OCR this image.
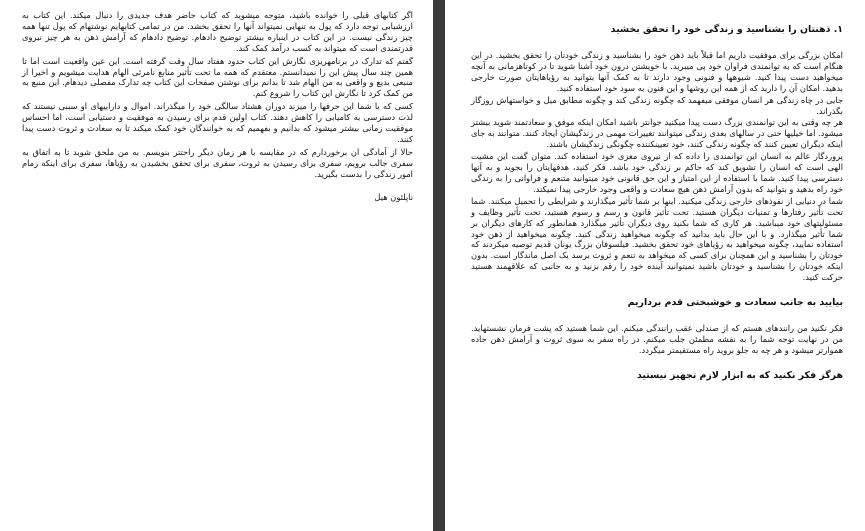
اگر کتابهای قبلی را خوانده باشید، متوجه میشوید که کتاب حاضر هدف جدیدی را دنبال میکند. این کتاب به ارزشیابی توجه دارد که پول به تنهایی نمیتواند آنها را تحقق بخشد. من در تمامی کتابهایم نوشتهام که پول تنها همه چیز زندگی نیست. در این کتاب در اینباره بیشتر توضیح دادهام. توضیح دادهام که آرامش ذهن به هر چیز نیروی قدرتمندی است که میتواند به کسب درآمد کمک کند.

گفتم که تدارک در برنامهریزی نگارش این کتاب حدود هفتاد سال وقت گرفته است. این عین واقعیت است اما تا همین چند سال پیش این را نمیدانستم. معتقدم که همه ما تحت تأثیر منابع نامرئی الهام هدایت میشویم و اخیرا از منبعی بدیع و واقعی به من الهام شد تا بدانم برای نوشتن صفحات این کتاب چه تدارک مفصلی دیدهام. این منبع به من کمک کرد تا نگارش این کتاب را شروع کنم.

کسی که با شما این حرفها را میزند دوران هشتاد سالگی خود را میگذراند. اموال و داراییهای او سببی نیستند که لذت دسترسی به کامیابی را کاهش دهند. کتاب اولین قدم برای رسیدن به موفقیت و دستیابی است، اما احساس موفقیت زمانی بیشتر میشود که بدانیم و بفهمیم که به خوانندگان خود کمک میکند تا به سعادت و ثروت دست پیدا کنند.

حالا از آمادگی ان برخوردارم که در مقایسه با هر زمان دیگر راحتتر بنویسم. به من ملحق شوید تا به اتفاق به سفری جالب برویم، سفری برای رسیدن به ثروت، سفری برای تحقق بخشیدن به رؤیاها، سفری برای اینکه زمام امور زندگی را بدست بگیرید.

ناپلئون هیل
۱. ذهنتان را بشناسید و زندگی خود را تحقق بخشید

امکان بزرگی برای موفقیت داریم اما قبلاً باید ذهن خود را بشناسید و زندگی خودتان را تحقق بخشید. در این هنگام است که به توانمندی فراوان خود پی میبرید. با خویشتن درون خود آشنا شوید تا در کوتاهزمانی به آنچه میخواهید دست پیدا کنید. شیوهها و فنونی وجود دارند تا به کمک آنها بتوانید به رؤیاهایتان صورت خارجی بدهید. امکان آن را دارید که از همه این روشها و این فنون به سود خود استفاده کنید.

جایی در چاه زندگی هر انسان موفقی میفهمد که چگونه زندگی کند و چگونه مطابق میل و خواستهاش روزگار بگذراند.

هر چه وقتی به این توانمندی بزرگ دست پیدا میکنید جوانتر باشید امکان اینکه موفق و سعادتمند شوید بیشتر میشود. اما خیلیها حتی در سالهای بعدی زندگی میتوانند تغییرات مهمی در زندگیشان ایجاد کنند. متوانند به جای اینکه دیگران تعیین کنند که چگونه زندگی کنند، خود تعیینکننده چگونگی زندگیشان باشند.

پروردگار عالم به انسان این توانمندی را داده که از نیروی مغزی خود استفاده کند. متوان گفت این مشیت الهی است که انسان را تشویق کند که حاکم بر زندگی خود باشد. فکر کنید، هدفهایتان را بجوید و به آنها دسترسی پیدا کنید. شما با استفاده از این امتیاز و این حق قانونی خود میتوانید متنعم و فراوانی را به زندگی خود راه بدهید و بتوانید که بدون آرامش ذهن هیچ سعادت و واقعی وجود خارجی پیدا نمیکند.

شما در دنیایی از نفوذهای خارجی زندگی میکنید. اینها بر شما تأثیر میگذارند و شرایطی را تحمیل میکنند. شما تحت تأثیر رفتارها و تمنیات دیگران هستید. تحت تأثیر قانون و رسم و رسوم هستید، تحت تأثیر وظایف و مسئولیتهای خود میباشید. هر کاری که شما بکنید روی دیگران تأثیر میگذارد همانطور که کارهای دیگران بر شما تأثیر میگذارد. و با این حال باید بدانید که چگونه میخواهید زندگی کنید. چگونه میخواهید از ذهن خود استفاده نمایید، چگونه میخواهید به رؤیاهای خود تحقق بخشید. فیلسوفان بزرگ یونان قدیم توصیه میکردند که خودتان را بشناسید و این همچنان برای کسی که میخواهد به تنعم و ثروت برسد یک اصل ماندگار است. بدون اینکه خودتان را بشناسید و خودتان باشید نمیتوانید آینده خود را رقم بزنید و به جانبی که علاقهمند هستید حرکت کنید.

بیایید به جانب سعادت و خوشبختی قدم برداریم

فکر نکنید من رانندهای هستم که از صندلی عقب رانندگی میکنم. این شما هستید که پشت فرمان نشستهاید. من در نهایت توجه شما را به نقشه مطمئن جلب میکنم. در راه سفر به سوی ثروت و آرامش ذهن جاده هموارتر میشود و هر چه به جلو بروید راه مستقیمتر میگردد.

هرگز فکر نکنید که به ابزار لازم تجهیز نیستید
